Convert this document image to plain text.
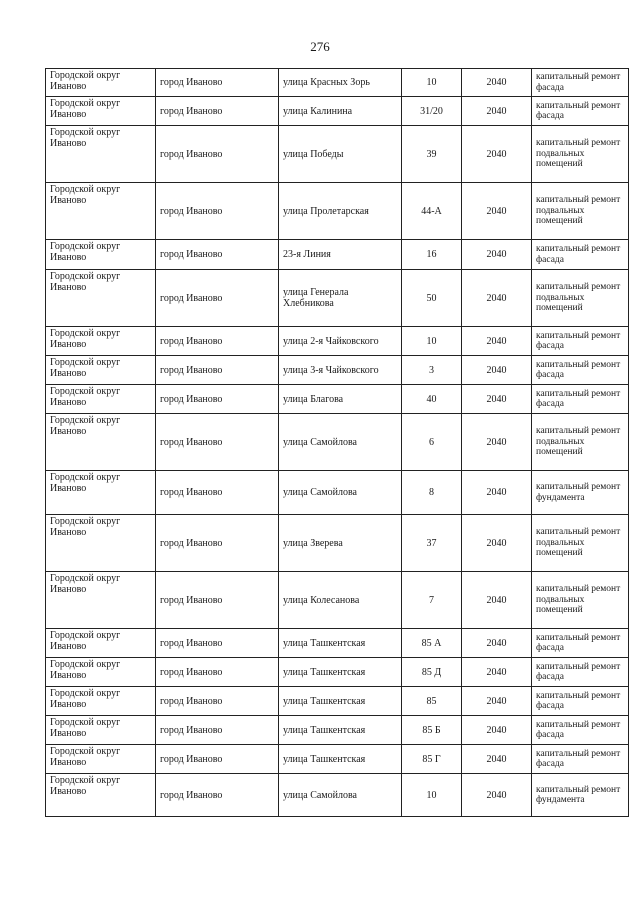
276
Городской округ Иваново	город Иваново	улица Красных Зорь	10	2040	капитальный ремонт фасада
Городской округ Иваново	город Иваново	улица Калинина	31/20	2040	капитальный ремонт фасада
Городской округ Иваново	город Иваново	улица Победы	39	2040	капитальный ремонт подвальных помещений
Городской округ Иваново	город Иваново	улица Пролетарская	44-А	2040	капитальный ремонт подвальных помещений
Городской округ Иваново	город Иваново	23-я Линия	16	2040	капитальный ремонт фасада
Городской округ Иваново	город Иваново	улица Генерала Хлебникова	50	2040	капитальный ремонт подвальных помещений
Городской округ Иваново	город Иваново	улица 2-я Чайковского	10	2040	капитальный ремонт фасада
Городской округ Иваново	город Иваново	улица 3-я Чайковского	3	2040	капитальный ремонт фасада
Городской округ Иваново	город Иваново	улица Благова	40	2040	капитальный ремонт фасада
Городской округ Иваново	город Иваново	улица Самойлова	6	2040	капитальный ремонт подвальных помещений
Городской округ Иваново	город Иваново	улица Самойлова	8	2040	капитальный ремонт фундамента
Городской округ Иваново	город Иваново	улица Зверева	37	2040	капитальный ремонт подвальных помещений
Городской округ Иваново	город Иваново	улица Колесанова	7	2040	капитальный ремонт подвальных помещений
Городской округ Иваново	город Иваново	улица Ташкентская	85 А	2040	капитальный ремонт фасада
Городской округ Иваново	город Иваново	улица Ташкентская	85 Д	2040	капитальный ремонт фасада
Городской округ Иваново	город Иваново	улица Ташкентская	85	2040	капитальный ремонт фасада
Городской округ Иваново	город Иваново	улица Ташкентская	85 Б	2040	капитальный ремонт фасада
Городской округ Иваново	город Иваново	улица Ташкентская	85 Г	2040	капитальный ремонт фасада
Городской округ Иваново	город Иваново	улица Самойлова	10	2040	капитальный ремонт фундамента
